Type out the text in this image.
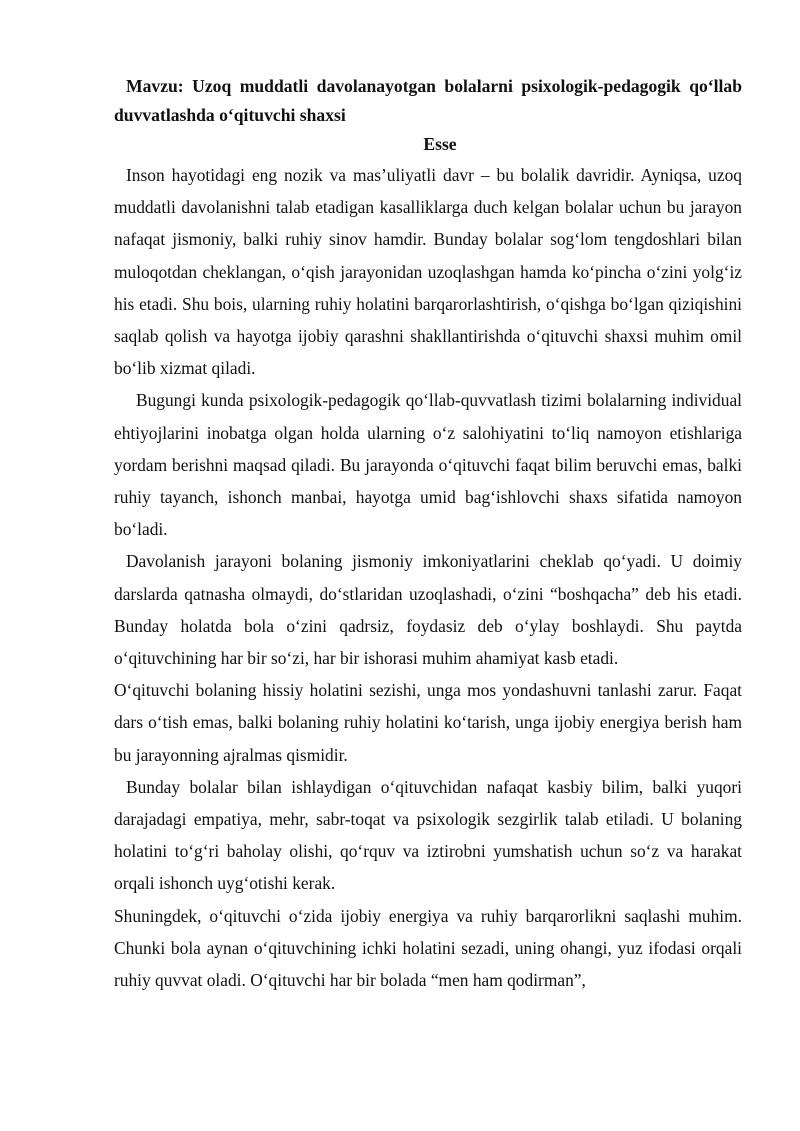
Mavzu: Uzoq muddatli davolanayotgan bolalarni psixologik-pedagogik qo‘llab duvvatlashda o‘qituvchi shaxsi

Esse

Inson hayotidagi eng nozik va mas’uliyatli davr – bu bolalik davridir. Ayniqsa, uzoq muddatli davolanishni talab etadigan kasalliklarga duch kelgan bolalar uchun bu jarayon nafaqat jismoniy, balki ruhiy sinov hamdir. Bunday bolalar sog‘lom tengdoshlari bilan muloqotdan cheklangan, o‘qish jarayonidan uzoqlashgan hamda ko‘pincha o‘zini yolg‘iz his etadi. Shu bois, ularning ruhiy holatini barqarorlashtirish, o‘qishga bo‘lgan qiziqishini saqlab qolish va hayotga ijobiy qarashni shakllantirishda o‘qituvchi shaxsi muhim omil bo‘lib xizmat qiladi.

Bugungi kunda psixologik-pedagogik qo‘llab-quvvatlash tizimi bolalarning individual ehtiyojlarini inobatga olgan holda ularning o‘z salohiyatini to‘liq namoyon etishlariga yordam berishni maqsad qiladi. Bu jarayonda o‘qituvchi faqat bilim beruvchi emas, balki ruhiy tayanch, ishonch manbai, hayotga umid bag‘ishlovchi shaxs sifatida namoyon bo‘ladi.

Davolanish jarayoni bolaning jismoniy imkoniyatlarini cheklab qo‘yadi. U doimiy darslarda qatnasha olmaydi, do‘stlaridan uzoqlashadi, o‘zini “boshqacha” deb his etadi. Bunday holatda bola o‘zini qadrsiz, foydasiz deb o‘ylay boshlaydi. Shu paytda o‘qituvchining har bir so‘zi, har bir ishorasi muhim ahamiyat kasb etadi.

O‘qituvchi bolaning hissiy holatini sezishi, unga mos yondashuvni tanlashi zarur. Faqat dars o‘tish emas, balki bolaning ruhiy holatini ko‘tarish, unga ijobiy energiya berish ham bu jarayonning ajralmas qismidir.

Bunday bolalar bilan ishlaydigan o‘qituvchidan nafaqat kasbiy bilim, balki yuqori darajadagi empatiya, mehr, sabr-toqat va psixologik sezgirlik talab etiladi. U bolaning holatini to‘g‘ri baholay olishi, qo‘rquv va iztirobni yumshatish uchun so‘z va harakat orqali ishonch uyg‘otishi kerak.

Shuningdek, o‘qituvchi o‘zida ijobiy energiya va ruhiy barqarorlikni saqlashi muhim. Chunki bola aynan o‘qituvchining ichki holatini sezadi, uning ohangi, yuz ifodasi orqali ruhiy quvvat oladi. O‘qituvchi har bir bolada “men ham qodirman”,
